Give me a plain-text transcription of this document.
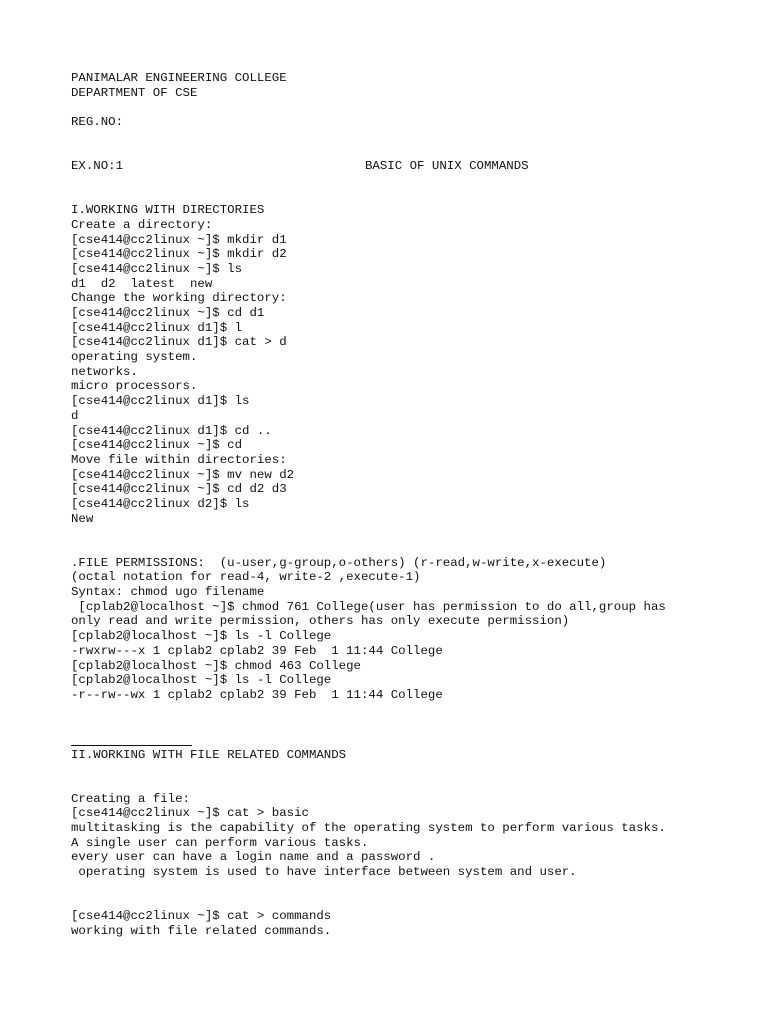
PANIMALAR ENGINEERING COLLEGE
DEPARTMENT OF CSE
REG.NO:
EX.NO:1	BASIC OF UNIX COMMANDS
I.WORKING WITH DIRECTORIES
Create a directory:
[cse414@cc2linux ~]$ mkdir d1
[cse414@cc2linux ~]$ mkdir d2
[cse414@cc2linux ~]$ ls
d1  d2  latest  new
Change the working directory:
[cse414@cc2linux ~]$ cd d1
[cse414@cc2linux d1]$ l
[cse414@cc2linux d1]$ cat > d
operating system.
networks.
micro processors.
[cse414@cc2linux d1]$ ls
d
[cse414@cc2linux d1]$ cd ..
[cse414@cc2linux ~]$ cd
Move file within directories:
[cse414@cc2linux ~]$ mv new d2
[cse414@cc2linux ~]$ cd d2 d3
[cse414@cc2linux d2]$ ls
New
.FILE PERMISSIONS:  (u-user,g-group,o-others) (r-read,w-write,x-execute)
(octal notation for read-4, write-2 ,execute-1)
Syntax: chmod ugo filename
[cplab2@localhost ~]$ chmod 761 College(user has permission to do all,group has
only read and write permission, others has only execute permission)
[cplab2@localhost ~]$ ls -l College
-rwxrw---x 1 cplab2 cplab2 39 Feb  1 11:44 College
[cplab2@localhost ~]$ chmod 463 College
[cplab2@localhost ~]$ ls -l College
-r--rw--wx 1 cplab2 cplab2 39 Feb  1 11:44 College
II.WORKING WITH FILE RELATED COMMANDS
Creating a file:
[cse414@cc2linux ~]$ cat > basic
multitasking is the capability of the operating system to perform various tasks.
A single user can perform various tasks.
every user can have a login name and a password .
operating system is used to have interface between system and user.
[cse414@cc2linux ~]$ cat > commands
working with file related commands.
